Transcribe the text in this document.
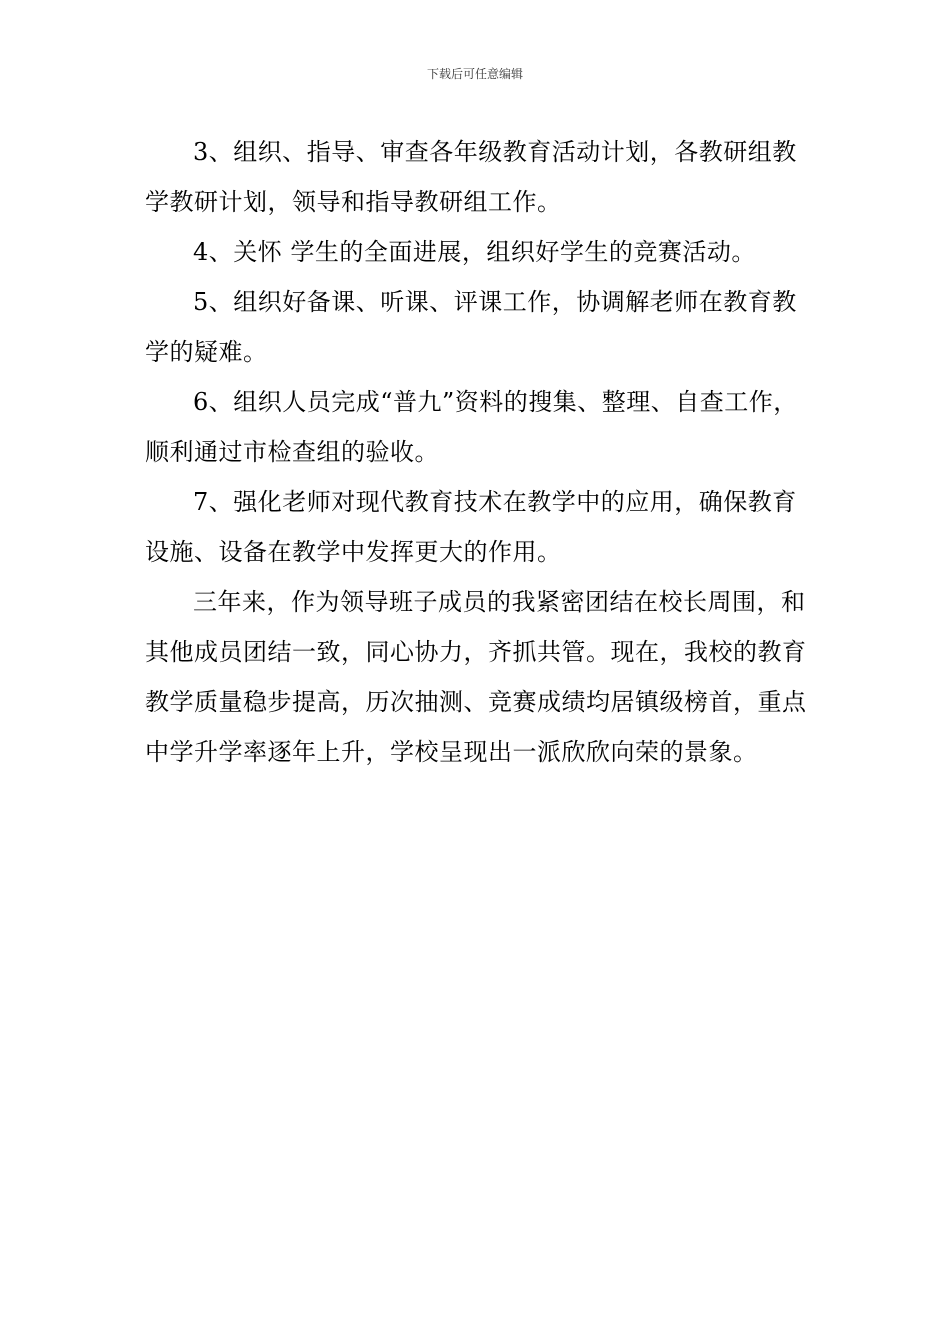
下载后可任意编辑

3、组织、指导、审查各年级教育活动计划，各教研组教学教研计划，领导和指导教研组工作。

4、关怀 学生的全面进展，组织好学生的竞赛活动。

5、组织好备课、听课、评课工作，协调解老师在教育教学的疑难。

6、组织人员完成“普九”资料的搜集、整理、自查工作，顺利通过市检查组的验收。

7、强化老师对现代教育技术在教学中的应用，确保教育设施、设备在教学中发挥更大的作用。

三年来，作为领导班子成员的我紧密团结在校长周围，和其他成员团结一致，同心协力，齐抓共管。现在，我校的教育教学质量稳步提高，历次抽测、竞赛成绩均居镇级榜首，重点中学升学率逐年上升，学校呈现出一派欣欣向荣的景象。
